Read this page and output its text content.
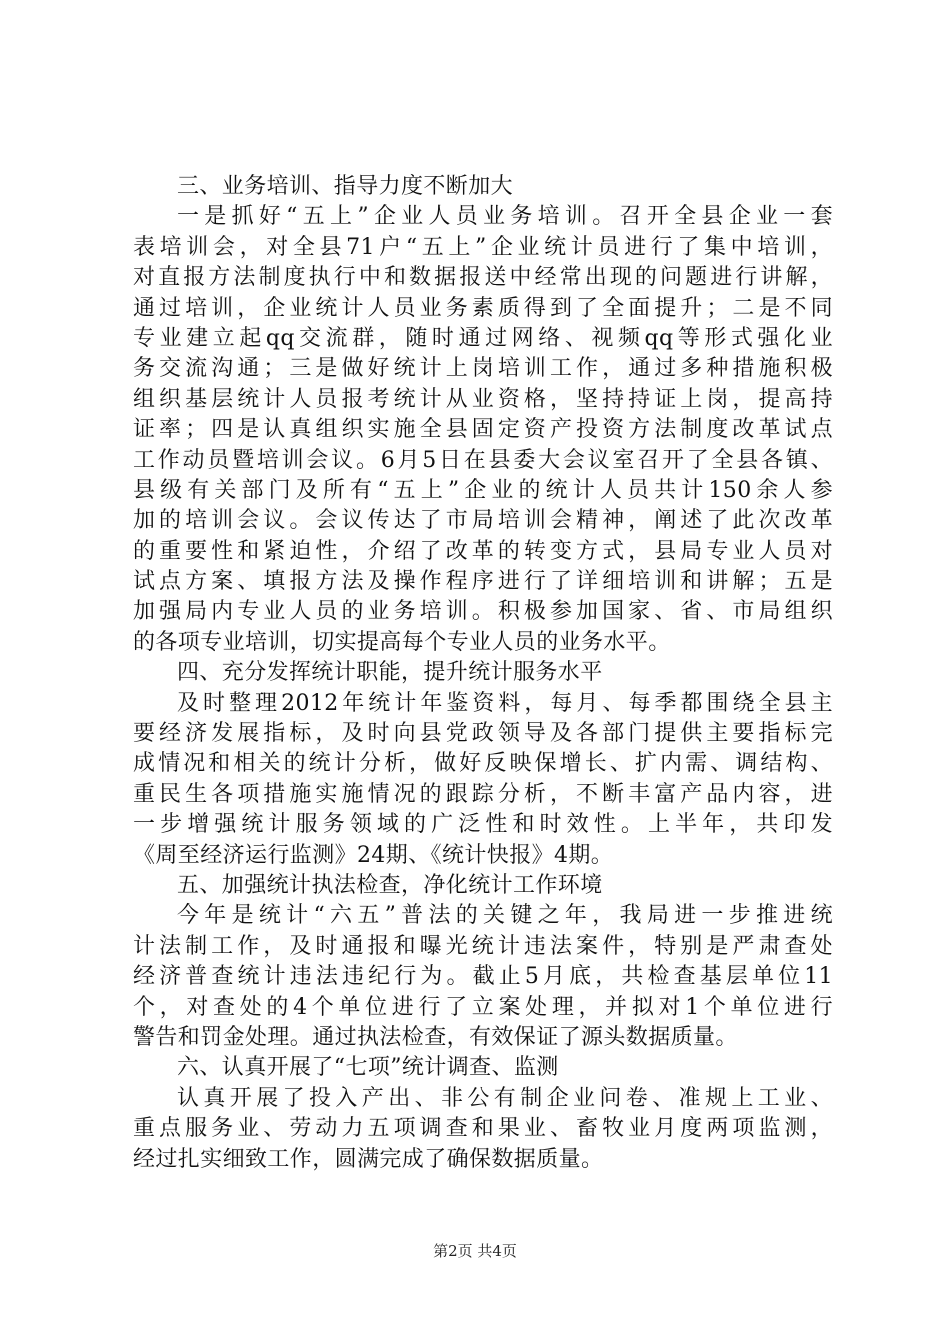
三、业务培训、指导力度不断加大
一是抓好“五上”企业人员业务培训。召开全县企业一套
表培训会，对全县71户“五上”企业统计员进行了集中培训，
对直报方法制度执行中和数据报送中经常出现的问题进行讲解，
通过培训，企业统计人员业务素质得到了全面提升；二是不同
专业建立起qq交流群，随时通过网络、视频qq等形式强化业
务交流沟通；三是做好统计上岗培训工作，通过多种措施积极
组织基层统计人员报考统计从业资格，坚持持证上岗，提高持
证率；四是认真组织实施全县固定资产投资方法制度改革试点
工作动员暨培训会议。6月5日在县委大会议室召开了全县各镇、
县级有关部门及所有“五上”企业的统计人员共计150余人参
加的培训会议。会议传达了市局培训会精神，阐述了此次改革
的重要性和紧迫性，介绍了改革的转变方式，县局专业人员对
试点方案、填报方法及操作程序进行了详细培训和讲解；五是
加强局内专业人员的业务培训。积极参加国家、省、市局组织
的各项专业培训，切实提高每个专业人员的业务水平。
四、充分发挥统计职能，提升统计服务水平
及时整理2012年统计年鉴资料，每月、每季都围绕全县主
要经济发展指标，及时向县党政领导及各部门提供主要指标完
成情况和相关的统计分析，做好反映保增长、扩内需、调结构、
重民生各项措施实施情况的跟踪分析，不断丰富产品内容，进
一步增强统计服务领域的广泛性和时效性。上半年，共印发
《周至经济运行监测》24期、《统计快报》4期。
五、加强统计执法检查，净化统计工作环境
今年是统计“六五”普法的关键之年，我局进一步推进统
计法制工作，及时通报和曝光统计违法案件，特别是严肃查处
经济普查统计违法违纪行为。截止5月底，共检查基层单位11
个，对查处的4个单位进行了立案处理，并拟对1个单位进行
警告和罚金处理。通过执法检查，有效保证了源头数据质量。
六、认真开展了“七项”统计调查、监测
认真开展了投入产出、非公有制企业问卷、准规上工业、
重点服务业、劳动力五项调查和果业、畜牧业月度两项监测，
经过扎实细致工作，圆满完成了确保数据质量。
第2页 共4页
